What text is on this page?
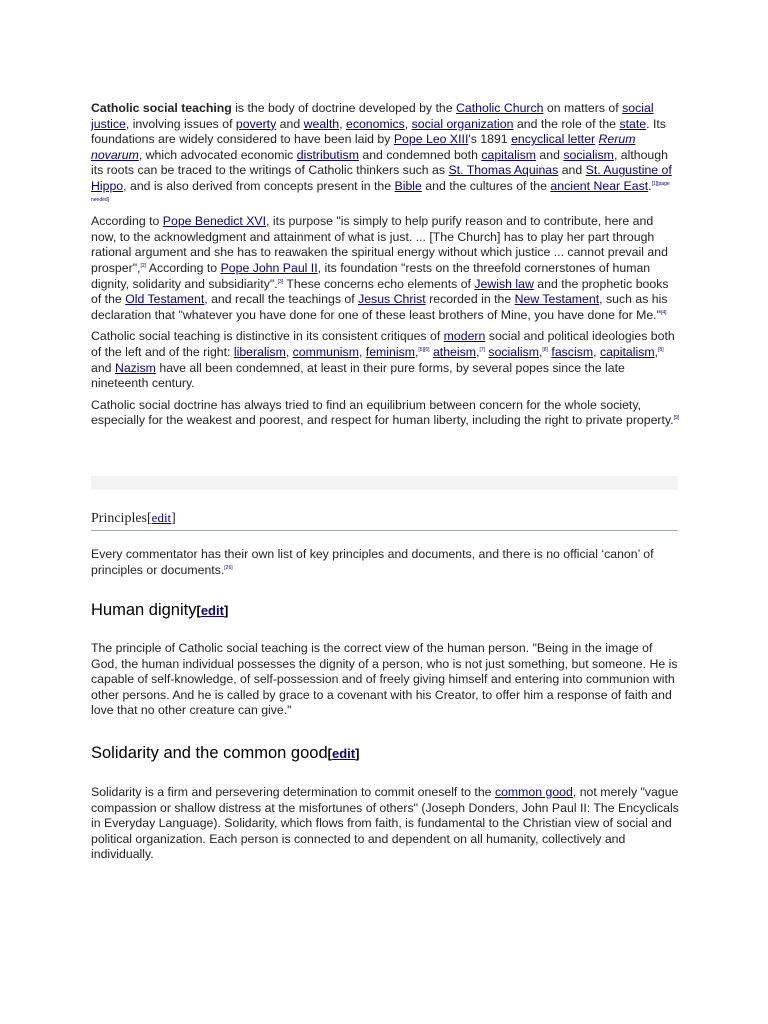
Catholic social teaching is the body of doctrine developed by the Catholic Church on matters of social justice, involving issues of poverty and wealth, economics, social organization and the role of the state. Its foundations are widely considered to have been laid by Pope Leo XIII's 1891 encyclical letter Rerum novarum, which advocated economic distributism and condemned both capitalism and socialism, although its roots can be traced to the writings of Catholic thinkers such as St. Thomas Aquinas and St. Augustine of Hippo, and is also derived from concepts present in the Bible and the cultures of the ancient Near East.[1][page needed]

According to Pope Benedict XVI, its purpose "is simply to help purify reason and to contribute, here and now, to the acknowledgment and attainment of what is just. ... [The Church] has to play her part through rational argument and she has to reawaken the spiritual energy without which justice ... cannot prevail and prosper",[2] According to Pope John Paul II, its foundation "rests on the threefold cornerstones of human dignity, solidarity and subsidiarity".[3] These concerns echo elements of Jewish law and the prophetic books of the Old Testament, and recall the teachings of Jesus Christ recorded in the New Testament, such as his declaration that "whatever you have done for one of these least brothers of Mine, you have done for Me."[4]

Catholic social teaching is distinctive in its consistent critiques of modern social and political ideologies both of the left and of the right: liberalism, communism, feminism,[5][6] atheism,[7] socialism,[8] fascism, capitalism,[8] and Nazism have all been condemned, at least in their pure forms, by several popes since the late nineteenth century.

Catholic social doctrine has always tried to find an equilibrium between concern for the whole society, especially for the weakest and poorest, and respect for human liberty, including the right to private property.[9]

Principles[edit]

Every commentator has their own list of key principles and documents, and there is no official ‘canon’ of principles or documents.[26]

Human dignity[edit]

The principle of Catholic social teaching is the correct view of the human person. "Being in the image of God, the human individual possesses the dignity of a person, who is not just something, but someone. He is capable of self-knowledge, of self-possession and of freely giving himself and entering into communion with other persons. And he is called by grace to a covenant with his Creator, to offer him a response of faith and love that no other creature can give."

Solidarity and the common good[edit]

Solidarity is a firm and persevering determination to commit oneself to the common good, not merely "vague compassion or shallow distress at the misfortunes of others" (Joseph Donders, John Paul II: The Encyclicals in Everyday Language). Solidarity, which flows from faith, is fundamental to the Christian view of social and political organization. Each person is connected to and dependent on all humanity, collectively and individually.
